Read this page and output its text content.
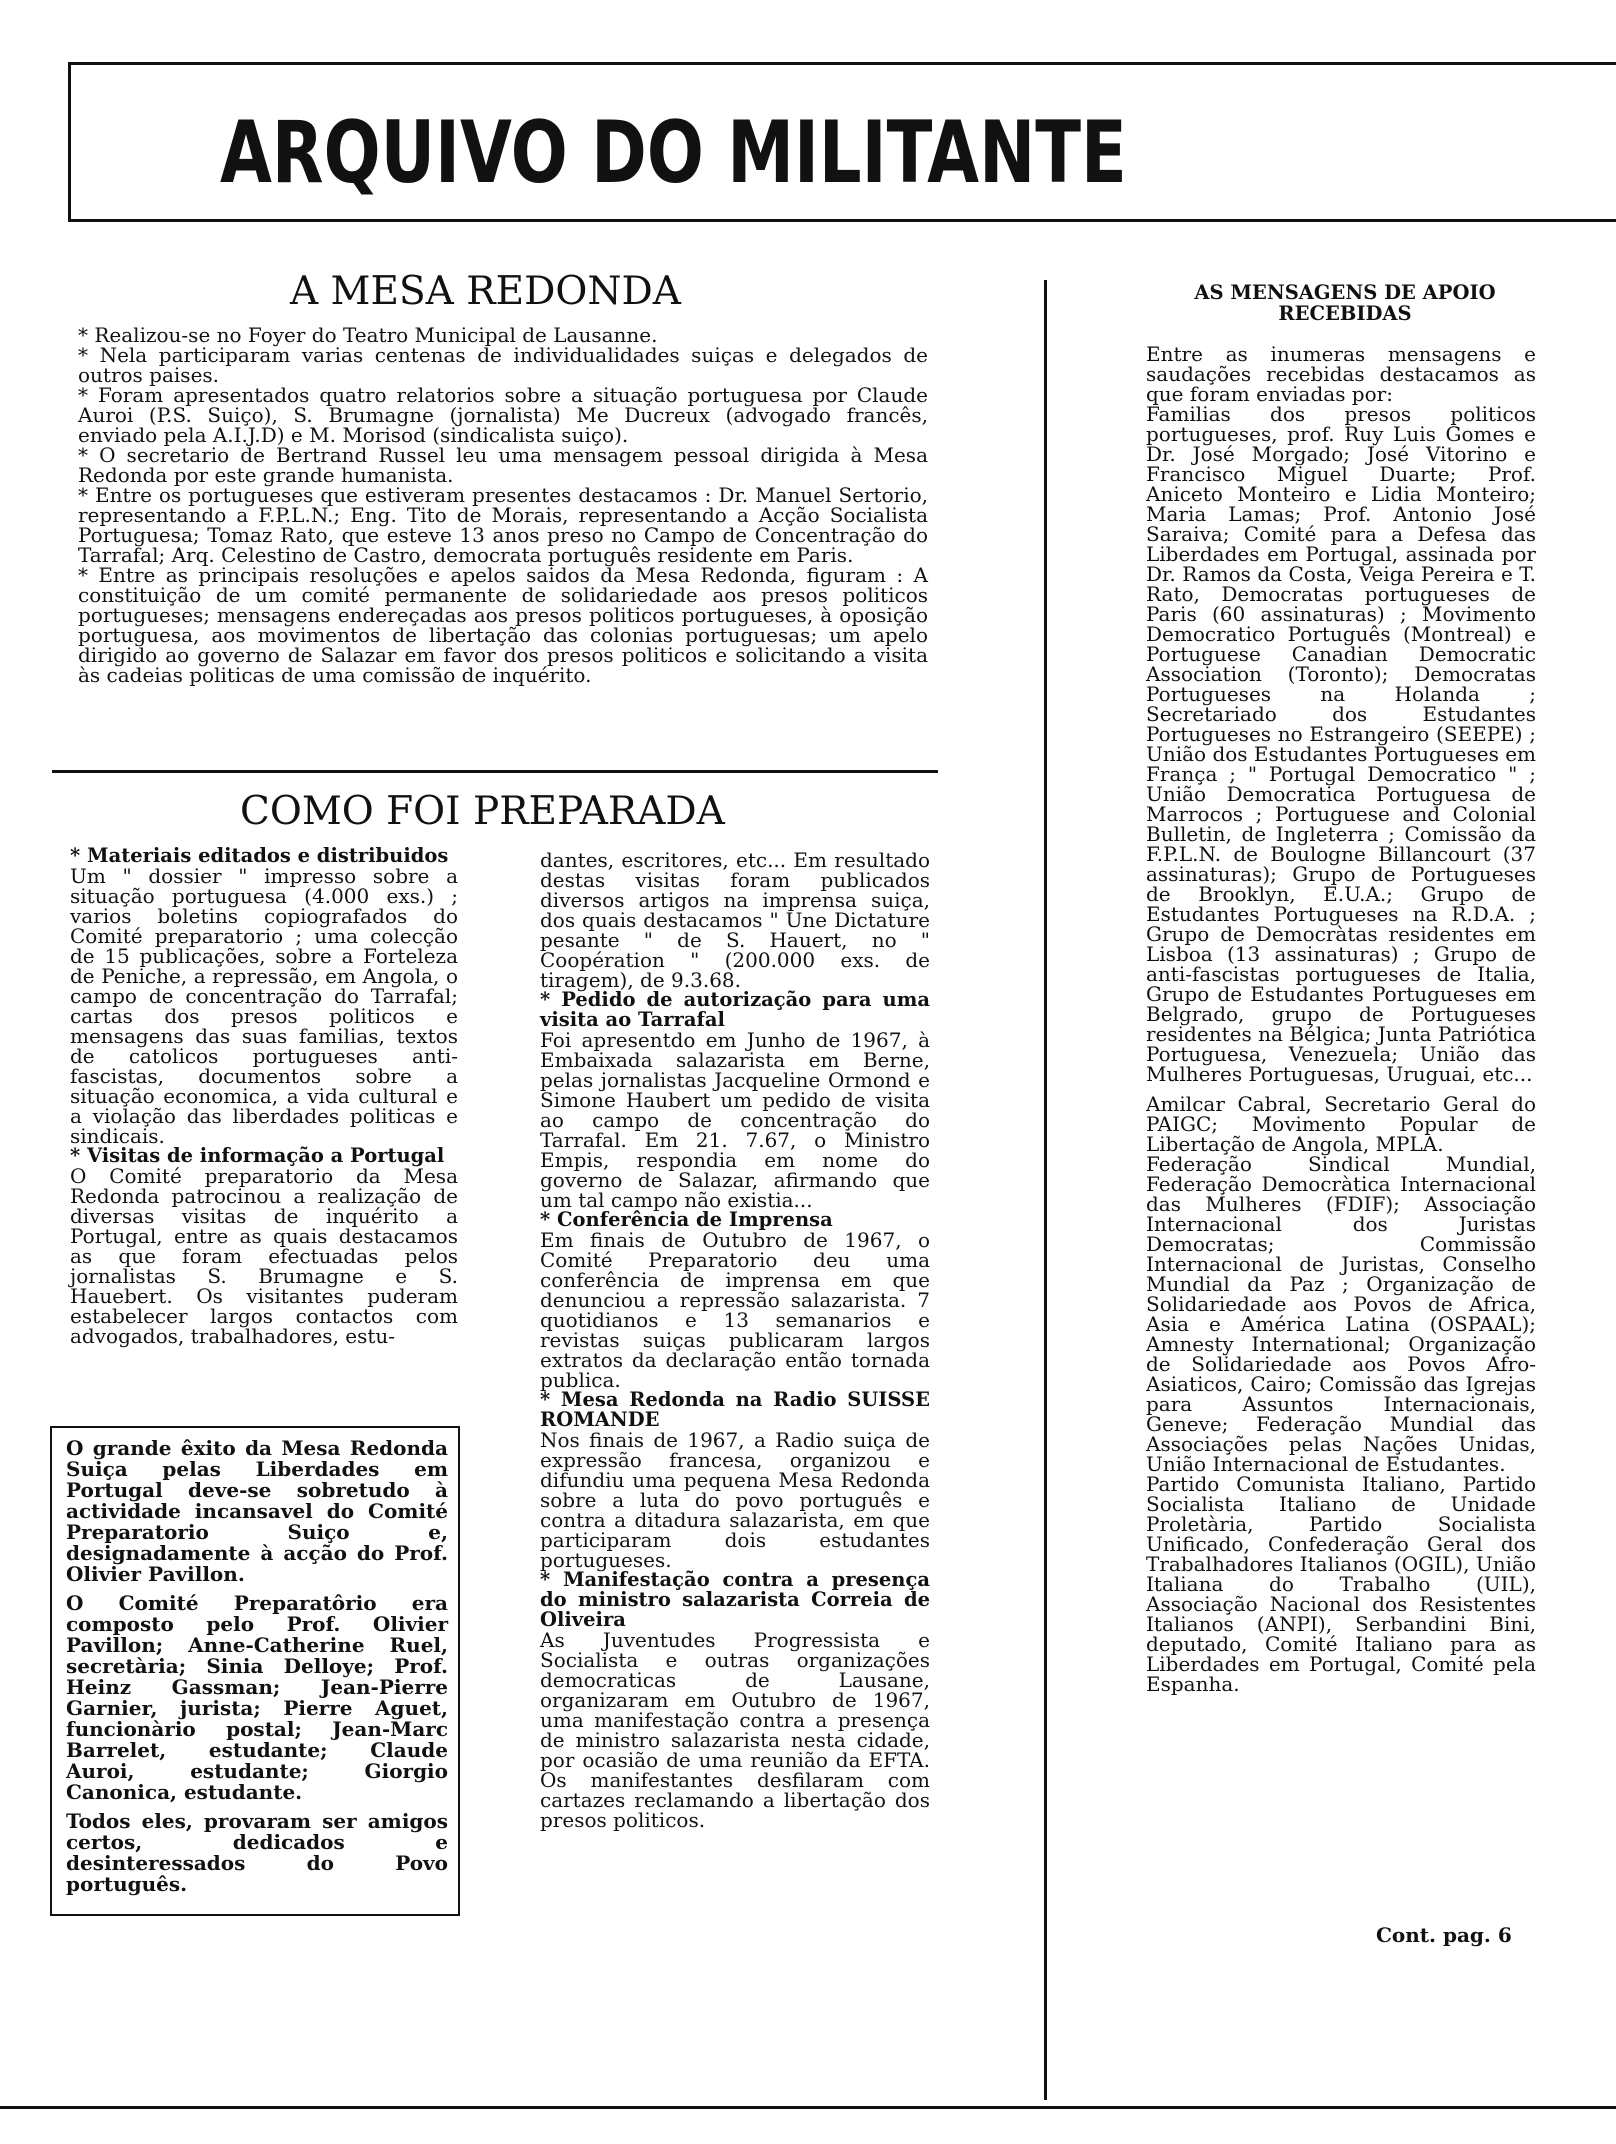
ARQUIVO DO MILITANTE
A MESA REDONDA

* Realizou-se no Foyer do Teatro Municipal de Lausanne.

* Nela participaram varias centenas de individualidades suiças e delegados de outros paises.

* Foram apresentados quatro relatorios sobre a situação portuguesa por Claude Auroi (P.S. Suiço), S. Brumagne (jornalista) Me Ducreux (advogado francês, enviado pela A.I.J.D) e M. Morisod (sindicalista suiço).

* O secretario de Bertrand Russel leu uma mensagem pessoal dirigida à Mesa Redonda por este grande humanista.

* Entre os portugueses que estiveram presentes destacamos : Dr. Manuel Sertorio, representando a F.P.L.N.; Eng. Tito de Morais, representando a Acção Socialista Portuguesa; Tomaz Rato, que esteve 13 anos preso no Campo de Concentração do Tarrafal; Arq. Celestino de Castro, democrata português residente em Paris.

* Entre as principais resoluções e apelos saidos da Mesa Redonda, figuram : A constituição de um comité permanente de solidariedade aos presos politicos portugueses; mensagens endereçadas aos presos politicos portugueses, à oposição portuguesa, aos movimentos de libertação das colonias portuguesas; um apelo dirigido ao governo de Salazar em favor dos presos politicos e solicitando a visita às cadeias politicas de uma comissão de inquérito.

COMO FOI PREPARADA

* Materiais editados e distribuidos

Um " dossier " impresso sobre a situação portuguesa (4.000 exs.) ; varios boletins copiografados do Comité preparatorio ; uma colecção de 15 publicações, sobre a Forteleza de Peniche, a repressão, em Angola, o campo de concentração do Tarrafal; cartas dos presos politicos e mensagens das suas familias, textos de catolicos portugueses anti-fascistas, documentos sobre a situação economica, a vida cultural e a violação das liberdades politicas e sindicais.

* Visitas de informação a Portugal

O Comité preparatorio da Mesa Redonda patrocinou a realização de diversas visitas de inquérito a Portugal, entre as quais destacamos as que foram efectuadas pelos jornalistas S. Brumagne e S. Hauebert. Os visitantes puderam estabelecer largos contactos com advogados, trabalhadores, estu-

dantes, escritores, etc... Em resultado destas visitas foram publicados diversos artigos na imprensa suiça, dos quais destacamos " Une Dictature pesante " de S. Hauert, no " Coopération " (200.000 exs. de tiragem), de 9.3.68.

* Pedido de autorização para uma visita ao Tarrafal

Foi apresentdo em Junho de 1967, à Embaixada salazarista em Berne, pelas jornalistas Jacqueline Ormond e Simone Haubert um pedido de visita ao campo de concentração do Tarrafal. Em 21. 7.67, o Ministro Empis, respondia em nome do governo de Salazar, afirmando que um tal campo não existia...

* Conferência de Imprensa

Em finais de Outubro de 1967, o Comité Preparatorio deu uma conferência de imprensa em que denunciou a repressão salazarista. 7 quotidianos e 13 semanarios e revistas suiças publicaram largos extratos da declaração então tornada publica.

* Mesa Redonda na Radio SUISSE ROMANDE

Nos finais de 1967, a Radio suiça de expressão francesa, organizou e difundiu uma pequena Mesa Redonda sobre a luta do povo português e contra a ditadura salazarista, em que participaram dois estudantes portugueses.

* Manifestação contra a presença do ministro salazarista Correia de Oliveira

As Juventudes Progressista e Socialista e outras organizações democraticas de Lausane, organizaram em Outubro de 1967, uma manifestação contra a presença de ministro salazarista nesta cidade, por ocasião de uma reunião da EFTA. Os manifestantes desfilaram com cartazes reclamando a libertação dos presos politicos.

O grande êxito da Mesa Redonda Suiça pelas Liberdades em Portugal deve-se sobretudo à actividade incansavel do Comité Preparatorio Suiço e, designadamente à acção do Prof. Olivier Pavillon.

O Comité Preparatôrio era composto pelo Prof. Olivier Pavillon; Anne-Catherine Ruel, secretària; Sinia Delloye; Prof. Heinz Gassman; Jean-Pierre Garnier, jurista; Pierre Aguet, funcionàrio postal; Jean-Marc Barrelet, estudante; Claude Auroi, estudante; Giorgio Canonica, estudante.

Todos eles, provaram ser amigos certos, dedicados e desinteressados do Povo português.

AS MENSAGENS DE APOIO RECEBIDAS

Entre as inumeras mensagens e saudações recebidas destacamos as que foram enviadas por:

Familias dos presos politicos portugueses, prof. Ruy Luis Gomes e Dr. José Morgado; José Vitorino e Francisco Miguel Duarte; Prof. Aniceto Monteiro e Lidia Monteiro; Maria Lamas; Prof. Antonio José Saraiva; Comité para a Defesa das Liberdades em Portugal, assinada por Dr. Ramos da Costa, Veiga Pereira e T. Rato, Democratas portugueses de Paris (60 assinaturas) ; Movimento Democratico Português (Montreal) e Portuguese Canadian Democratic Association (Toronto); Democratas Portugueses na Holanda ; Secretariado dos Estudantes Portugueses no Estrangeiro (SEEPE) ; União dos Estudantes Portugueses em França ; " Portugal Democratico " ; União Democratica Portuguesa de Marrocos ; Portuguese and Colonial Bulletin, de Ingleterra ; Comissão da F.P.L.N. de Boulogne Billancourt (37 assinaturas); Grupo de Portugueses de Brooklyn, E.U.A.; Grupo de Estudantes Portugueses na R.D.A. ; Grupo de Democràtas residentes em Lisboa (13 assinaturas) ; Grupo de anti-fascistas portugueses de Italia, Grupo de Estudantes Portugueses em Belgrado, grupo de Portugueses residentes na Bélgica; Junta Patriótica Portuguesa, Venezuela; União das Mulheres Portuguesas, Uruguai, etc...

Amilcar Cabral, Secretario Geral do PAIGC; Movimento Popular de Libertação de Angola, MPLA.

Federação Sindical Mundial, Federação Democràtica Internacional das Mulheres (FDIF); Associação Internacional dos Juristas Democratas; Commissão Internacional de Juristas, Conselho Mundial da Paz ; Organização de Solidariedade aos Povos de Africa, Asia e América Latina (OSPAAL); Amnesty International; Organização de Solidariedade aos Povos Afro-Asiaticos, Cairo; Comissão das Igrejas para Assuntos Internacionais, Geneve; Federação Mundial das Associações pelas Nações Unidas, União Internacional de Estudantes.

Partido Comunista Italiano, Partido Socialista Italiano de Unidade Proletària, Partido Socialista Unificado, Confederação Geral dos Trabalhadores Italianos (OGIL), União Italiana do Trabalho (UIL), Associação Nacional dos Resistentes Italianos (ANPI), Serbandini Bini, deputado, Comité Italiano para as Liberdades em Portugal, Comité pela Espanha.

Cont. pag. 6
